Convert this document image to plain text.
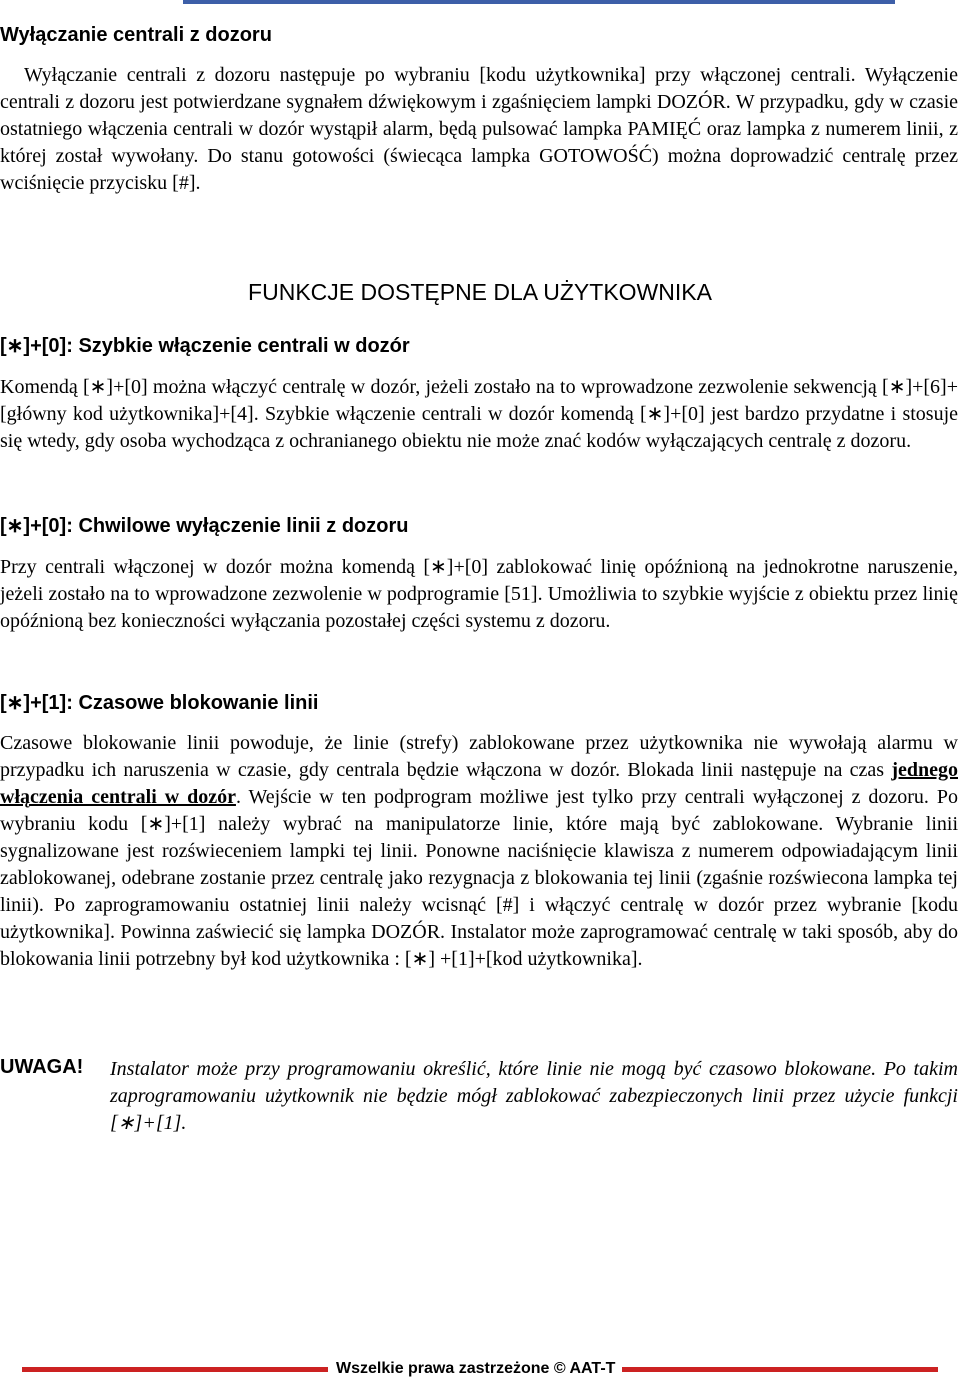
Wyłączanie centrali z dozoru
Wyłączanie centrali z dozoru następuje po wybraniu [kodu użytkownika] przy włączonej centrali. Wyłączenie centrali z dozoru jest potwierdzane sygnałem dźwiękowym i zgaśnięciem lampki DOZÓR. W przypadku, gdy w czasie ostatniego włączenia centrali w dozór wystąpił alarm, będą pulsować lampka PAMIĘĆ oraz lampka z numerem linii, z której został wywołany. Do stanu gotowości (świecąca lampka GOTOWOŚĆ) można doprowadzić centralę przez wciśnięcie przycisku [#].
FUNKCJE DOSTĘPNE DLA UŻYTKOWNIKA
[∗]+[0]: Szybkie włączenie centrali w dozór
Komendą [∗]+[0] można włączyć centralę w dozór, jeżeli zostało na to wprowadzone zezwolenie sekwencją [∗]+[6]+[główny kod użytkownika]+[4]. Szybkie włączenie centrali w dozór komendą [∗]+[0] jest bardzo przydatne i stosuje się wtedy, gdy osoba wychodząca z ochranianego obiektu nie może znać kodów wyłączających centralę z dozoru.
[∗]+[0]: Chwilowe wyłączenie linii z dozoru
Przy centrali włączonej w dozór można komendą [∗]+[0] zablokować linię opóźnioną na jednokrotne naruszenie, jeżeli zostało na to wprowadzone zezwolenie w podprogramie [51]. Umożliwia to szybkie wyjście z obiektu przez linię opóźnioną bez konieczności wyłączania pozostałej części systemu z dozoru.
[∗]+[1]: Czasowe blokowanie linii
Czasowe blokowanie linii powoduje, że linie (strefy) zablokowane przez użytkownika nie wywołają alarmu w przypadku ich naruszenia w czasie, gdy centrala będzie włączona w dozór. Blokada linii następuje na czas jednego włączenia centrali w dozór. Wejście w ten podprogram możliwe jest tylko przy centrali wyłączonej z dozoru. Po wybraniu kodu [∗]+[1] należy wybrać na manipulatorze linie, które mają być zablokowane. Wybranie linii sygnalizowane jest rozświeceniem lampki tej linii. Ponowne naciśnięcie klawisza z numerem odpowiadającym linii zablokowanej, odebrane zostanie przez centralę jako rezygnacja z blokowania tej linii (zgaśnie rozświecona lampka tej linii). Po zaprogramowaniu ostatniej linii należy wcisnąć [#] i włączyć centralę w dozór przez wybranie [kodu użytkownika]. Powinna zaświecić się lampka DOZÓR. Instalator może zaprogramować centralę w taki sposób, aby do blokowania linii potrzebny był kod użytkownika : [∗] +[1]+[kod użytkownika].
UWAGA! Instalator może przy programowaniu określić, które linie nie mogą być czasowo blokowane. Po takim zaprogramowaniu użytkownik nie będzie mógł zablokować zabezpieczonych linii przez użycie funkcji [∗]+[1].
Wszelkie prawa zastrzeżone © AAT-T
